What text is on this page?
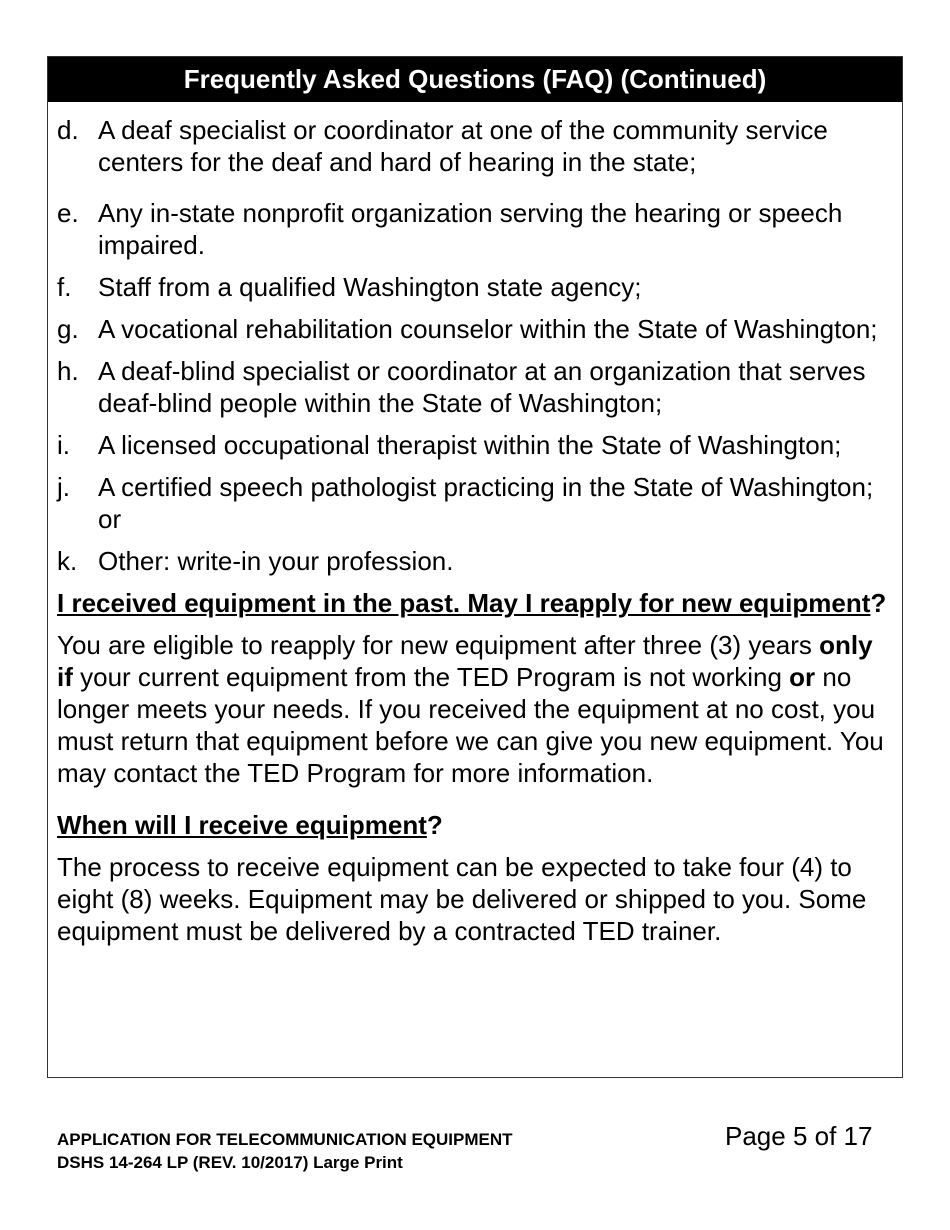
Frequently Asked Questions (FAQ) (Continued)
d. A deaf specialist or coordinator at one of the community service centers for the deaf and hard of hearing in the state;
e. Any in-state nonprofit organization serving the hearing or speech impaired.
f.	Staff from a qualified Washington state agency;
g. A vocational rehabilitation counselor within the State of Washington;
h. A deaf-blind specialist or coordinator at an organization that serves deaf-blind people within the State of Washington;
i.	A licensed occupational therapist within the State of Washington;
j.	A certified speech pathologist practicing in the State of Washington; or
k. Other: write-in your profession.
I received equipment in the past. May I reapply for new equipment?
You are eligible to reapply for new equipment after three (3) years only if your current equipment from the TED Program is not working or no longer meets your needs. If you received the equipment at no cost, you must return that equipment before we can give you new equipment. You may contact the TED Program for more information.
When will I receive equipment?
The process to receive equipment can be expected to take four (4) to eight (8) weeks. Equipment may be delivered or shipped to you. Some equipment must be delivered by a contracted TED trainer.
APPLICATION FOR TELECOMMUNICATION EQUIPMENT
DSHS 14-264 LP (REV. 10/2017) Large Print
Page 5 of 17
